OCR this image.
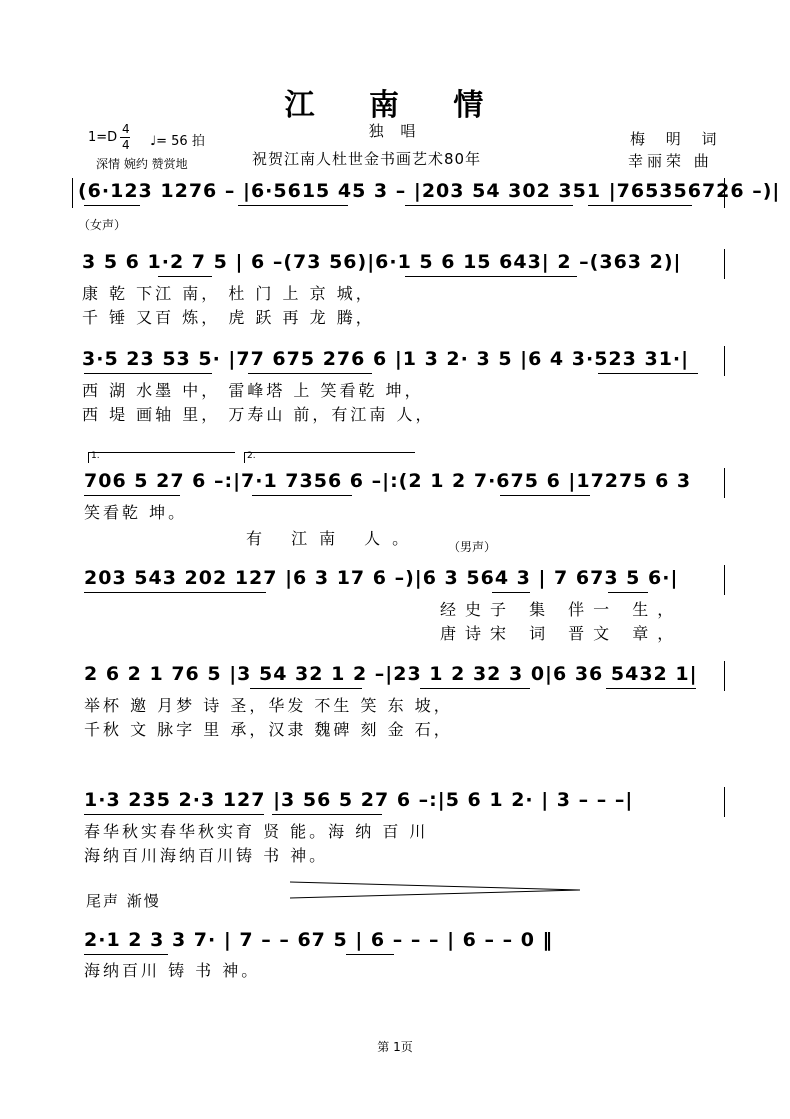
江 南 情
独 唱
1=D
4
4 ♩= 56 拍
深情 婉约 赞赏地	祝贺江南人杜世金书画艺术80年
梅 明 词
幸丽荣 曲
(6·123 1276 – |6·5615 45 3 – |203 54 302 351 |765356726 –)|
（女声）
3 5 6 1·2 7 5 | 6 –(73 56)|6·1 5 6 15 643| 2 –(363 2)|
康 乾 下江 南， 杜 门 上 京 城，
千 锤 又百 炼， 虎 跃 再 龙 腾，
3·5 23 53 5· |77 675 276 6 |1 3 2· 3 5 |6 4 3·523 31·|
西 湖 水墨 中， 雷峰塔 上 笑看乾 坤，
西 堤 画轴 里， 万寿山 前，有江南 人，
1.	2.
706 5 27 6 –:|7·1 7356 6 –|:(2 1 2 7·675 6 |17275 6 3
笑看乾 坤。
有 江南 人。 （男声）
203 543 202 127 |6 3 17 6 –)|6 3 564 3 | 7 673 5 6·|
经史子 集 伴一 生，
唐诗宋 词 晋文 章，
2 6 2 1 76 5 |3 54 32 1 2 –|23 1 2 32 3 0|6 36 5432 1|
举杯 邀 月梦 诗 圣，华发 不生 笑 东 坡，
千秋 文 脉字 里 承，汉隶 魏碑 刻 金 石，
1·3 235 2·3 127 |3 56 5 27 6 –:|5 6 1 2· | 3 – – –|
春华秋实春华秋实育 贤 能。海 纳 百 川
海纳百川海纳百川铸 书 神。
尾声 渐慢
2·1 2 3 3 7· | 7 – – 67 5 | 6 – – – | 6 – – 0 ‖
海纳百川 铸 书 神。
第 1页
